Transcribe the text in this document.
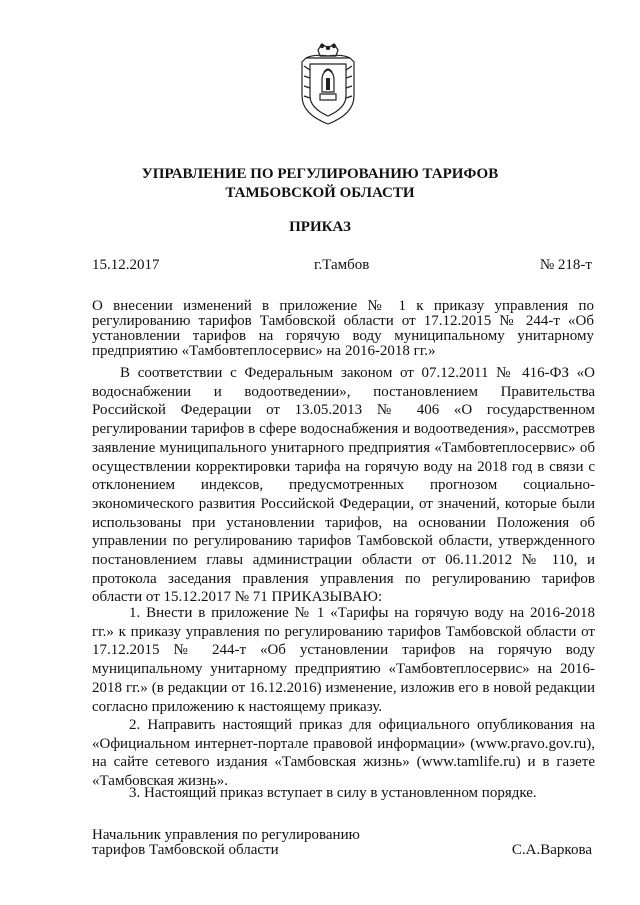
УПРАВЛЕНИЕ ПО РЕГУЛИРОВАНИЮ ТАРИФОВ
ТАМБОВСКОЙ ОБЛАСТИ
ПРИКАЗ
15.12.2017	г.Тамбов	№ 218-т
О внесении изменений в приложение № 1 к приказу управления по регулированию тарифов Тамбовской области от 17.12.2015 № 244-т «Об установлении тарифов на горячую воду муниципальному унитарному предприятию «Тамбовтеплосервис» на 2016-2018 гг.»
В соответствии с Федеральным законом от 07.12.2011 № 416-ФЗ «О водоснабжении и водоотведении», постановлением Правительства Российской Федерации от 13.05.2013 № 406 «О государственном регулировании тарифов в сфере водоснабжения и водоотведения», рассмотрев заявление муниципального унитарного предприятия «Тамбовтеплосервис» об осуществлении корректировки тарифа на горячую воду на 2018 год в связи с отклонением индексов, предусмотренных прогнозом социально-экономического развития Российской Федерации, от значений, которые были использованы при установлении тарифов, на основании Положения об управлении по регулированию тарифов Тамбовской области, утвержденного постановлением главы администрации области от 06.11.2012 № 110, и протокола заседания правления управления по регулированию тарифов области от 15.12.2017 № 71 ПРИКАЗЫВАЮ:
1. Внести в приложение № 1 «Тарифы на горячую воду на 2016-2018 гг.» к приказу управления по регулированию тарифов Тамбовской области от 17.12.2015 № 244-т «Об установлении тарифов на горячую воду муниципальному унитарному предприятию «Тамбовтеплосервис» на 2016-2018 гг.» (в редакции от 16.12.2016) изменение, изложив его в новой редакции согласно приложению к настоящему приказу.
2. Направить настоящий приказ для официального опубликования на «Официальном интернет-портале правовой информации» (www.pravo.gov.ru), на сайте сетевого издания «Тамбовская жизнь» (www.tamlife.ru) и в газете «Тамбовская жизнь».
3. Настоящий приказ вступает в силу в установленном порядке.
Начальник управления по регулированию
тарифов Тамбовской области	С.А.Варкова
